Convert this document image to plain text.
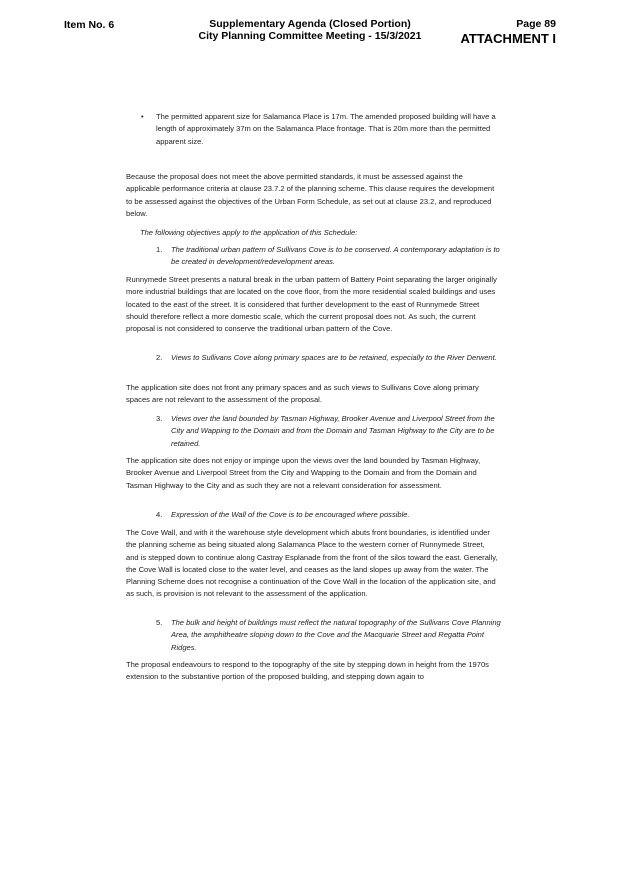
Item No. 6	Supplementary Agenda (Closed Portion)
City Planning Committee Meeting - 15/3/2021
Page 89
ATTACHMENT I
• The permitted apparent size for Salamanca Place is 17m. The amended proposed building will have a length of approximately 37m on the Salamanca Place frontage. That is 20m more than the permitted apparent size.

Because the proposal does not meet the above permitted standards, it must be assessed against the applicable performance criteria at clause 23.7.2 of the planning scheme. This clause requires the development to be assessed against the objectives of the Urban Form Schedule, as set out at clause 23.2, and reproduced below.

The following objectives apply to the application of this Schedule:
1. The traditional urban pattern of Sullivans Cove is to be conserved. A contemporary adaptation is to be created in development/redevelopment areas.
Runnymede Street presents a natural break in the urban pattern of Battery Point separating the larger originally more industrial buildings that are located on the cove floor, from the more residential scaled buildings and uses located to the east of the street. It is considered that further development to the east of Runnymede Street should therefore reflect a more domestic scale, which the current proposal does not. As such, the current proposal is not considered to conserve the traditional urban pattern of the Cove.
2. Views to Sullivans Cove along primary spaces are to be retained, especially to the River Derwent.
The application site does not front any primary spaces and as such views to Sullivans Cove along primary spaces are not relevant to the assessment of the proposal.
3. Views over the land bounded by Tasman Highway, Brooker Avenue and Liverpool Street from the City and Wapping to the Domain and from the Domain and Tasman Highway to the City are to be retained.
The application site does not enjoy or impinge upon the views over the land bounded by Tasman Highway, Brooker Avenue and Liverpool Street from the City and Wapping to the Domain and from the Domain and Tasman Highway to the City and as such they are not a relevant consideration for assessment.
4. Expression of the Wall of the Cove is to be encouraged where possible.
The Cove Wall, and with it the warehouse style development which abuts front boundaries, is identified under the planning scheme as being situated along Salamanca Place to the western corner of Runnymede Street, and is stepped down to continue along Castray Esplanade from the front of the silos toward the east. Generally, the Cove Wall is located close to the water level, and ceases as the land slopes up away from the water. The Planning Scheme does not recognise a continuation of the Cove Wall in the location of the application site, and as such, is provision is not relevant to the assessment of the application.
5. The bulk and height of buildings must reflect the natural topography of the Sullivans Cove Planning Area, the amphitheatre sloping down to the Cove and the Macquarie Street and Regatta Point Ridges.
The proposal endeavours to respond to the topography of the site by stepping down in height from the 1970s extension to the substantive portion of the proposed building, and stepping down again to
